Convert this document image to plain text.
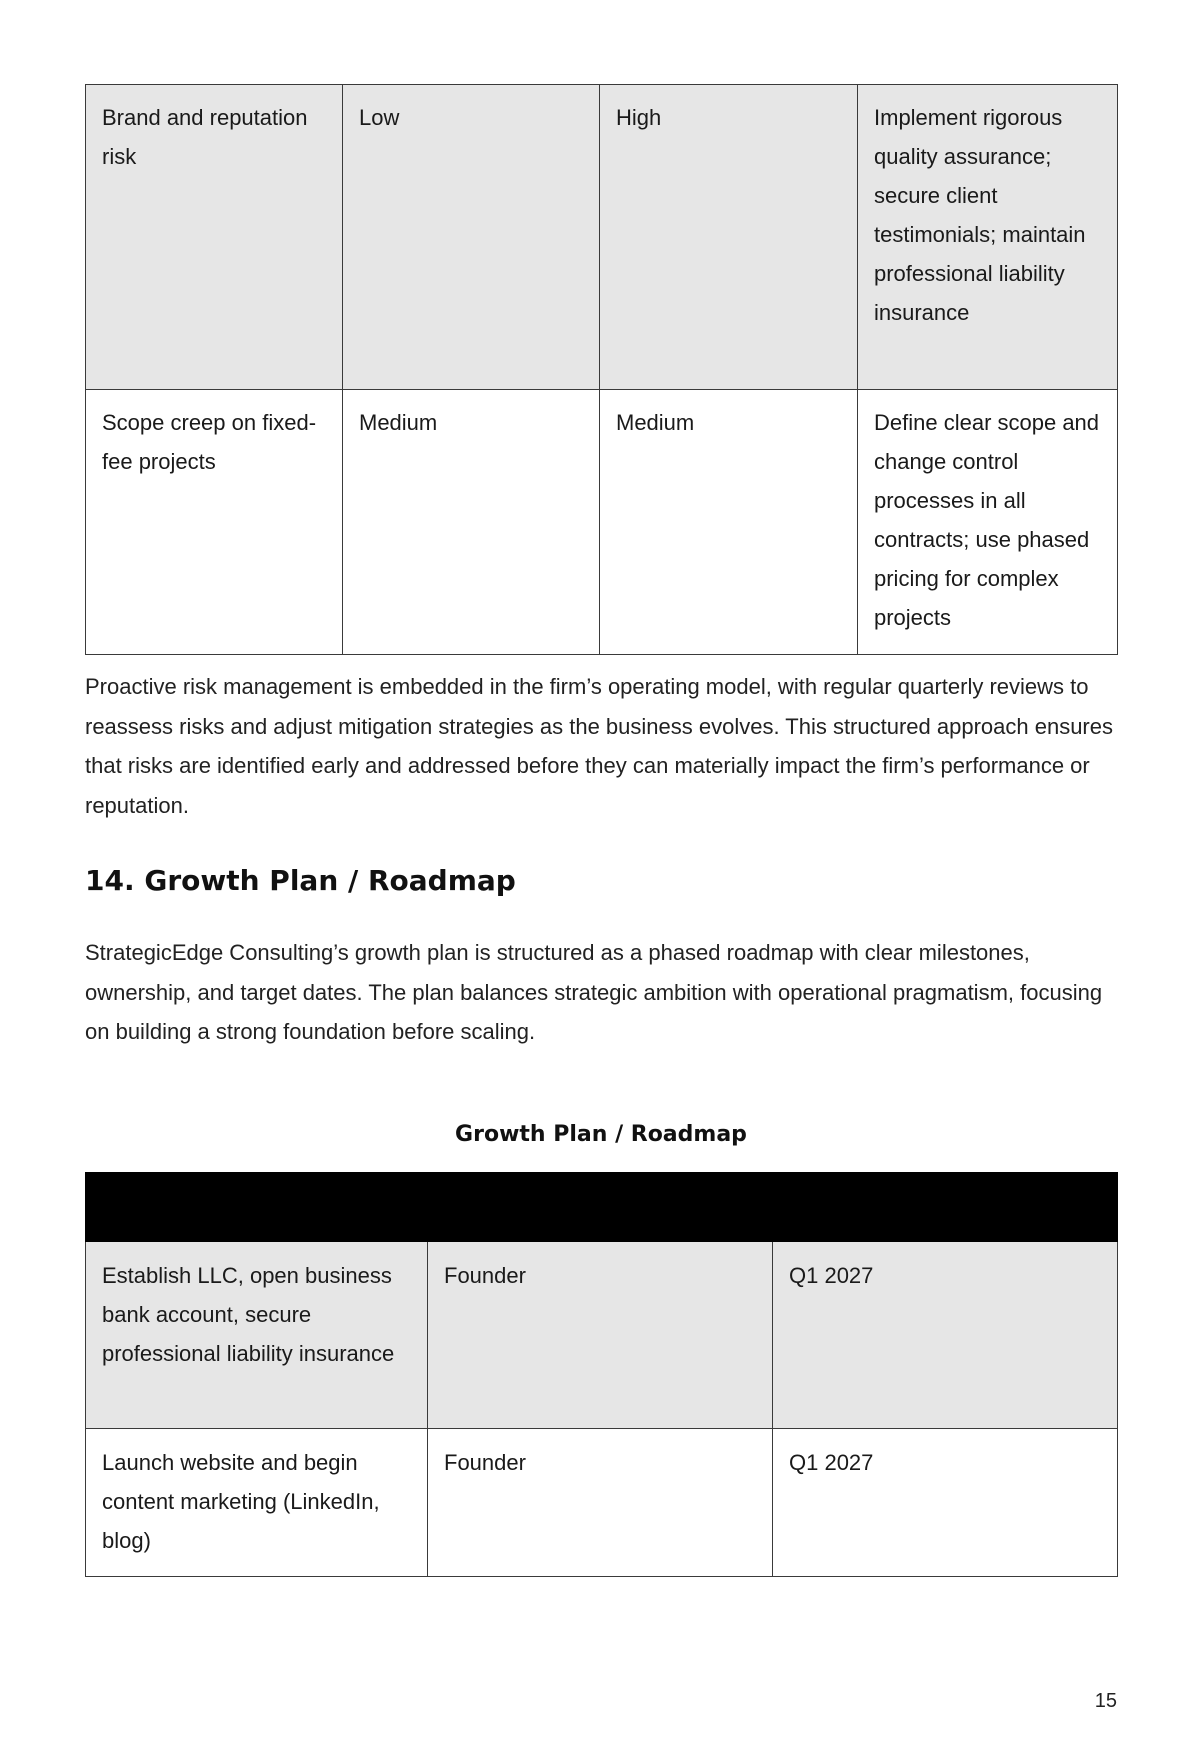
Brand and reputation risk	Low	High	Implement rigorous quality assurance; secure client testimonials; maintain professional liability insurance
Scope creep on fixed-fee projects	Medium	Medium	Define clear scope and change control processes in all contracts; use phased pricing for complex projects

Proactive risk management is embedded in the firm’s operating model, with regular quarterly reviews to reassess risks and adjust mitigation strategies as the business evolves. This structured approach ensures that risks are identified early and addressed before they can materially impact the firm’s performance or reputation.

14. Growth Plan / Roadmap

StrategicEdge Consulting’s growth plan is structured as a phased roadmap with clear milestones, ownership, and target dates. The plan balances strategic ambition with operational pragmatism, focusing on building a strong foundation before scaling.

Growth Plan / Roadmap

Establish LLC, open business bank account, secure professional liability insurance	Founder	Q1 2027
Launch website and begin content marketing (LinkedIn, blog)	Founder	Q1 2027
15
